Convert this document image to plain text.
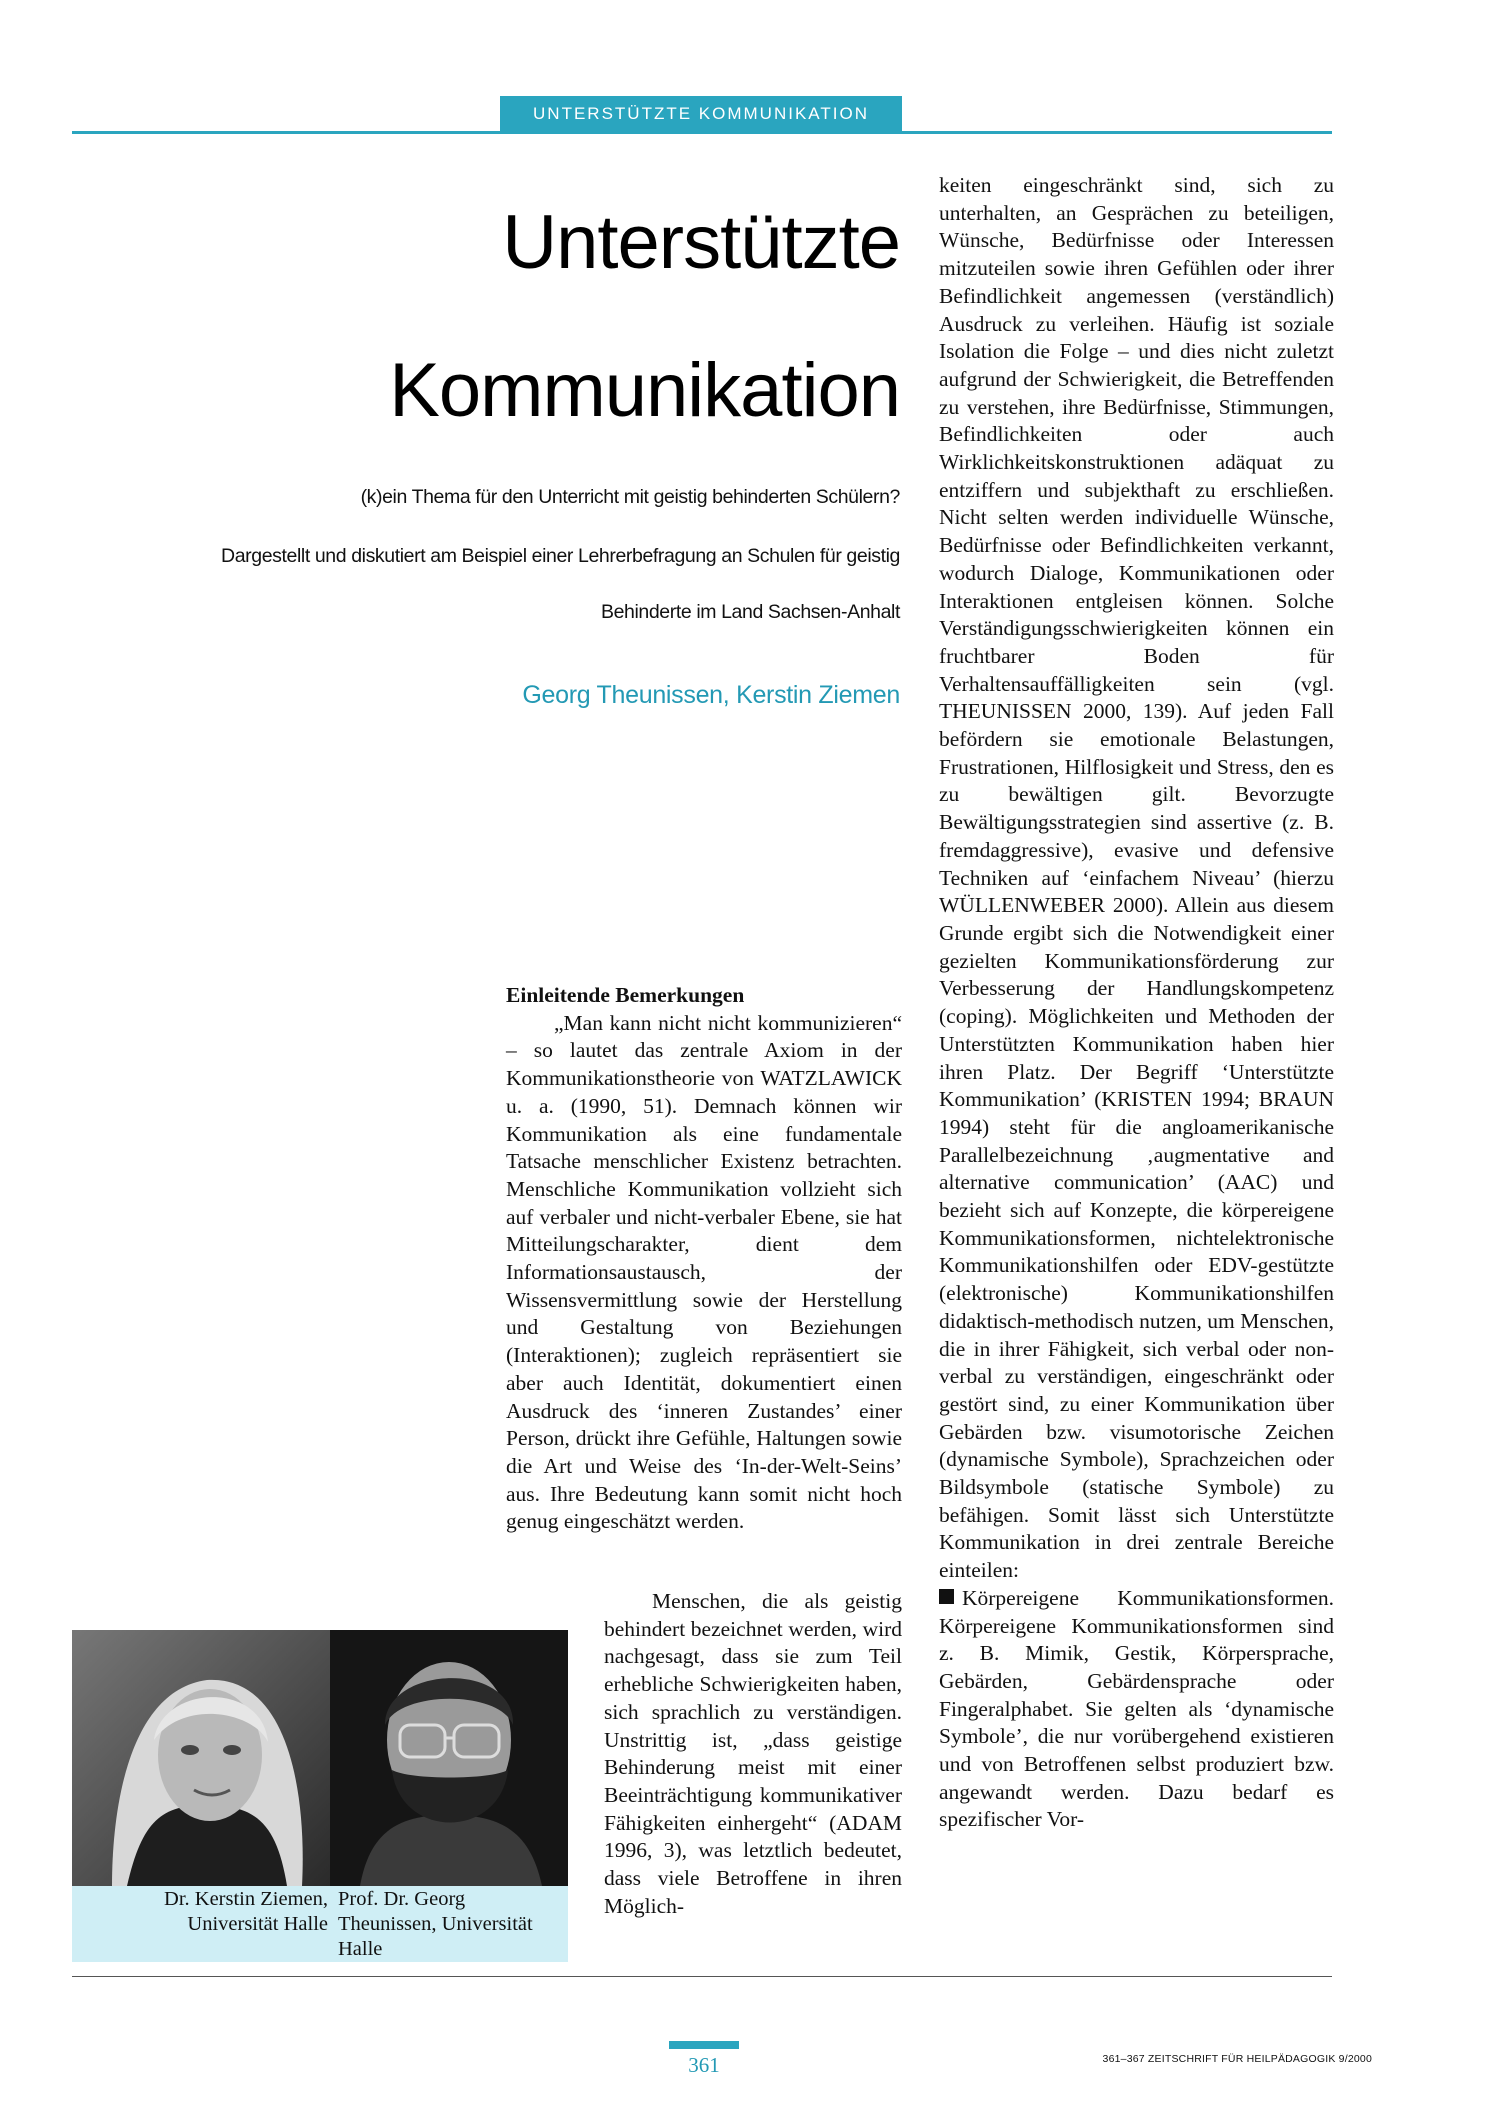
UNTERSTÜTZTE KOMMUNIKATION
Unterstützte
Kommunikation
(k)ein Thema für den Unterricht mit geistig behinderten Schülern?
Dargestellt und diskutiert am Beispiel einer Lehrerbefragung an Schulen für geistig
Behinderte im Land Sachsen-Anhalt
Georg Theunissen, Kerstin Ziemen

Einleitende Bemerkungen

„Man kann nicht nicht kommunizieren“ – so lautet das zentrale Axiom in der Kommunikationstheorie von WATZLAWICK u. a. (1990, 51). Demnach können wir Kommunikation als eine fundamentale Tatsache menschlicher Existenz betrachten. Menschliche Kommunikation vollzieht sich auf verbaler und nicht-verbaler Ebene, sie hat Mitteilungscharakter, dient dem Informationsaustausch, der Wissensvermittlung sowie der Herstellung und Gestaltung von Beziehungen (Interaktionen); zugleich repräsentiert sie aber auch Identität, dokumentiert einen Ausdruck des ‘inneren Zustandes’ einer Person, drückt ihre Gefühle, Haltungen sowie die Art und Weise des ‘In-der-Welt-Seins’ aus. Ihre Bedeutung kann somit nicht hoch genug eingeschätzt werden.

Menschen, die als geistig behindert bezeichnet werden, wird nachgesagt, dass sie zum Teil erhebliche Schwierigkeiten haben, sich sprachlich zu verständigen. Unstrittig ist, „dass geistige Behinderung meist mit einer Beeinträchtigung kommunikativer Fähigkeiten einhergeht“ (ADAM 1996, 3), was letztlich bedeutet, dass viele Betroffene in ihren Möglich-

keiten eingeschränkt sind, sich zu unterhalten, an Gesprächen zu beteiligen, Wünsche, Bedürfnisse oder Interessen mitzuteilen sowie ihren Gefühlen oder ihrer Befindlichkeit angemessen (verständlich) Ausdruck zu verleihen. Häufig ist soziale Isolation die Folge – und dies nicht zuletzt aufgrund der Schwierigkeit, die Betreffenden zu verstehen, ihre Bedürfnisse, Stimmungen, Befindlichkeiten oder auch Wirklichkeitskonstruktionen adäquat zu entziffern und subjekthaft zu erschließen. Nicht selten werden individuelle Wünsche, Bedürfnisse oder Befindlichkeiten verkannt, wodurch Dialoge, Kommunikationen oder Interaktionen entgleisen können. Solche Verständigungsschwierigkeiten können ein fruchtbarer Boden für Verhaltensauffälligkeiten sein (vgl. THEUNISSEN 2000, 139). Auf jeden Fall befördern sie emotionale Belastungen, Frustrationen, Hilflosigkeit und Stress, den es zu bewältigen gilt. Bevorzugte Bewältigungsstrategien sind assertive (z. B. fremdaggressive), evasive und defensive Techniken auf ‘einfachem Niveau’ (hierzu WÜLLENWEBER 2000). Allein aus diesem Grunde ergibt sich die Notwendigkeit einer gezielten Kommunikationsförderung zur Verbesserung der Handlungskompetenz (coping). Möglichkeiten und Methoden der Unterstützten Kommunikation haben hier ihren Platz. Der Begriff ‘Unterstützte Kommunikation’ (KRISTEN 1994; BRAUN 1994) steht für die angloamerikanische Parallelbezeichnung ‚augmentative and alternative communication’ (AAC) und bezieht sich auf Konzepte, die körpereigene Kommunikationsformen, nichtelektronische Kommunikationshilfen oder EDV-gestützte (elektronische) Kommunikationshilfen didaktisch-methodisch nutzen, um Menschen, die in ihrer Fähigkeit, sich verbal oder non-verbal zu verständigen, eingeschränkt oder gestört sind, zu einer Kommunikation über Gebärden bzw. visumotorische Zeichen (dynamische Symbole), Sprachzeichen oder Bildsymbole (statische Symbole) zu befähigen. Somit lässt sich Unterstützte Kommunikation in drei zentrale Bereiche einteilen:

Körpereigene Kommunikationsformen. Körpereigene Kommunikationsformen sind z. B. Mimik, Gestik, Körpersprache, Gebärden, Gebärdensprache oder Fingeralphabet. Sie gelten als ‘dynamische Symbole’, die nur vorübergehend existieren und von Betroffenen selbst produziert bzw. angewandt werden. Dazu bedarf es spezifischer Vor-

Dr. Kerstin Ziemen, Universität Halle
Prof. Dr. Georg Theunissen, Universität Halle
361	361–367 ZEITSCHRIFT FÜR HEILPÄDAGOGIK 9/2000
